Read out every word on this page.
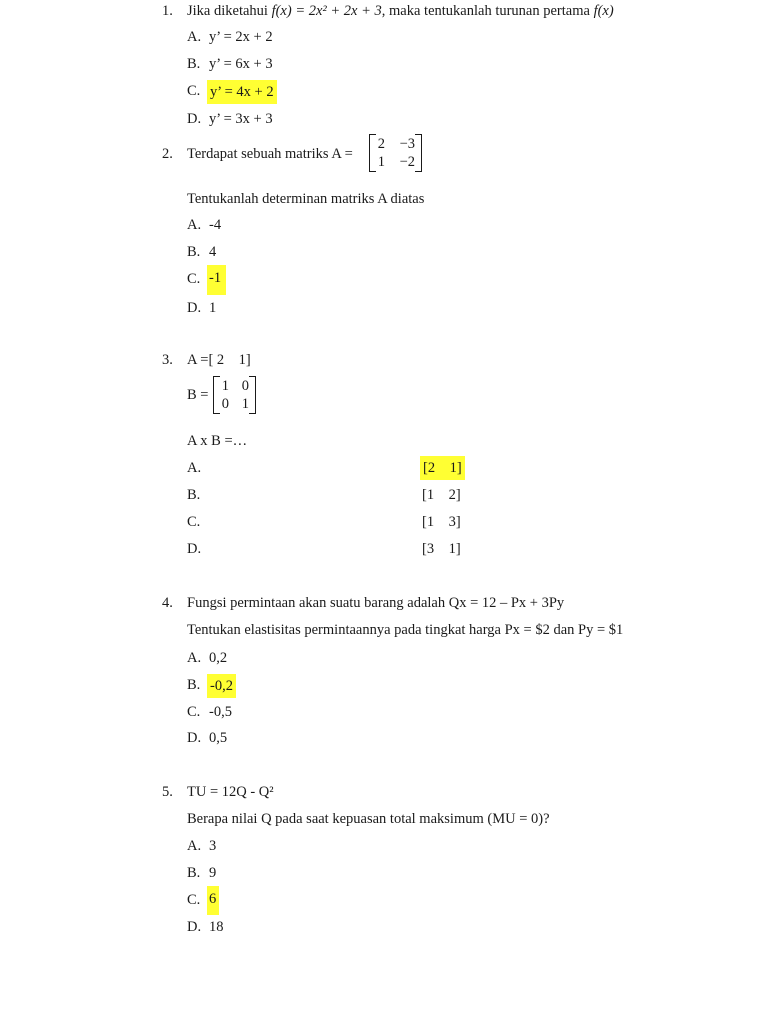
1. Jika diketahui f(x) = 2x² + 2x + 3, maka tentukanlah turunan pertama f(x)
A. y’ = 2x + 2
B. y’ = 6x + 3
C. y’ = 4x + 2
D. y’ = 3x + 3
2. Terdapat sebuah matriks A =
2	−3
1	−2
Tentukanlah determinan matriks A diatas
A. -4
B. 4
C. -1
D. 1
3. A =[ 2    1]
B =
1 0
0 1
A x B =…
A.	[2    1]
B.	[1    2]
C.	[1    3]
D.	[3    1]
4. Fungsi permintaan akan suatu barang adalah Qx = 12 – Px + 3Py
Tentukan elastisitas permintaannya pada tingkat harga Px = $2 dan Py = $1
A. 0,2
B. -0,2
C. -0,5
D. 0,5
5. TU = 12Q - Q²
Berapa nilai Q pada saat kepuasan total maksimum (MU = 0)?
A. 3
B. 9
C. 6
D. 18
